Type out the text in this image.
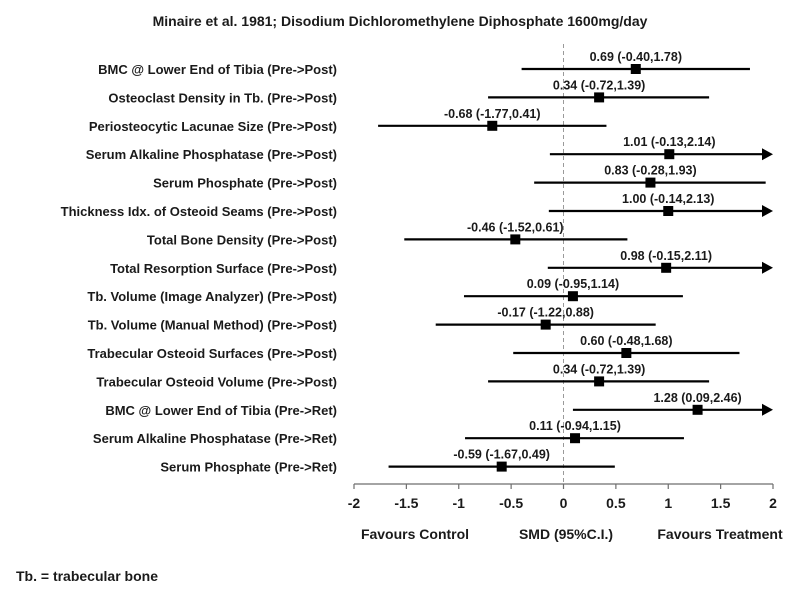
Minaire et al. 1981; Disodium Dichloromethylene Diphosphate 1600mg/day
BMC @ Lower End of Tibia (Pre->Post)
0.69 (-0.40,1.78)
Osteoclast Density in Tb. (Pre->Post)
0.34 (-0.72,1.39)
Periosteocytic Lacunae Size (Pre->Post)
-0.68 (-1.77,0.41)
Serum Alkaline Phosphatase (Pre->Post)
1.01 (-0.13,2.14)
Serum Phosphate (Pre->Post)
0.83 (-0.28,1.93)
Thickness Idx. of Osteoid Seams (Pre->Post)
1.00 (-0.14,2.13)
Total Bone Density (Pre->Post)
-0.46 (-1.52,0.61)
Total Resorption Surface (Pre->Post)
0.98 (-0.15,2.11)
Tb. Volume (Image Analyzer) (Pre->Post)
0.09 (-0.95,1.14)
Tb. Volume (Manual Method) (Pre->Post)
-0.17 (-1.22,0.88)
Trabecular Osteoid Surfaces (Pre->Post)
0.60 (-0.48,1.68)
Trabecular Osteoid Volume (Pre->Post)
0.34 (-0.72,1.39)
BMC @ Lower End of Tibia (Pre->Ret)
1.28 (0.09,2.46)
Serum Alkaline Phosphatase (Pre->Ret)
0.11 (-0.94,1.15)
Serum Phosphate (Pre->Ret)
-0.59 (-1.67,0.49)
-2 -1.5 -1 -0.5	0	0.5	1	1.5	2
Favours Control	SMD (95%C.I.)	Favours Treatment
Tb. = trabecular bone
